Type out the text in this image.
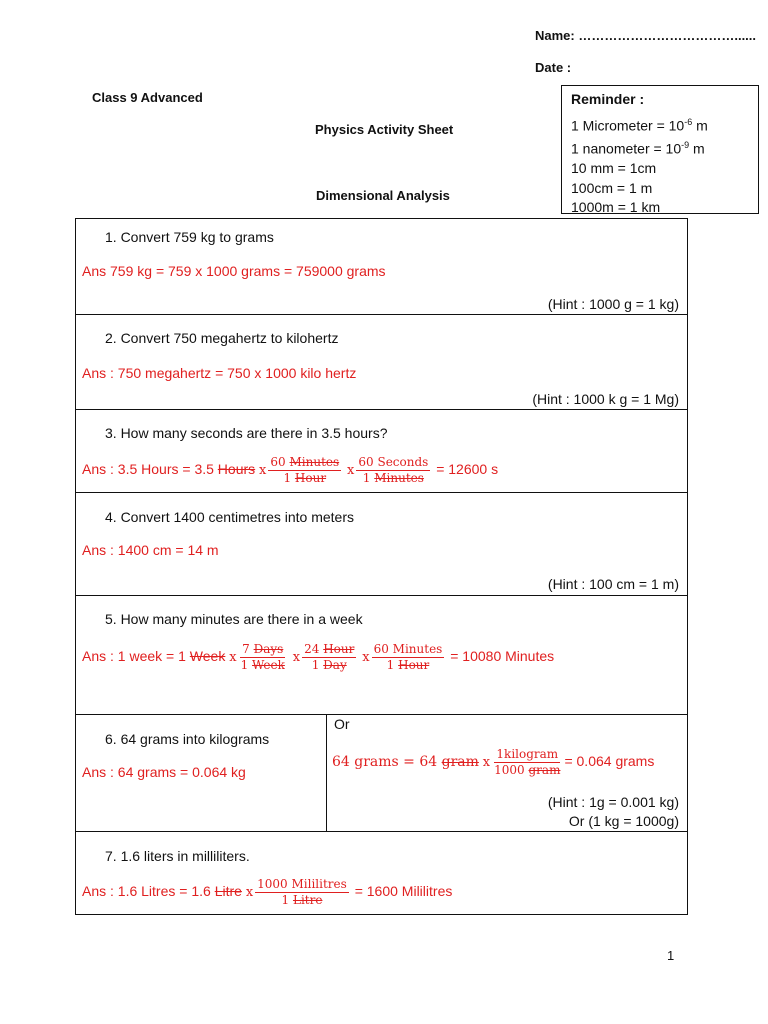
Name: ………………………………......
Date :
Class 9 Advanced
Physics Activity Sheet
Dimensional Analysis
Reminder :
1 Micrometer = $10^{-6}$ m
1 nanometer = $10^{-9}$ m
10 mm = 1cm
100cm = 1 m
1000m = 1 km
1. Convert 759 kg to grams
Ans 759 kg = 759 x 1000 grams = 759000 grams
(Hint : 1000 g = 1 kg)
2. Convert 750 megahertz to kilohertz
Ans : 750 megahertz = 750 x 1000 kilo hertz
(Hint : 1000 k g = 1 Mg)
3. How many seconds are there in 3.5 hours?
Ans : 3.5 Hours = 3.5 Hours x $\frac{\text{60 Minutes}}{\text{1 Hour}}$ x $\frac{\text{60 Seconds}}{\text{1 Minutes}} = 12600$ s
4. Convert 1400 centimetres into meters
Ans : 1400 cm = 14 m
(Hint : 100 cm = 1 m)
5. How many minutes are there in a week
Ans : 1 week = 1 Week x $\frac{\text{7 Days}}{\text{1 Week}}$ x $\frac{\text{24 Hour}}{\text{1 Day}}$ x $\frac{\text{60 Minutes}}{\text{1 Hour}} = 10080$ Minutes
6. 64 grams into kilograms
Ans : 64 grams = 0.064 kg
Or
64 grams = 64 gram x $\frac{\text{1kilogram}}{\text{1000 gram}} = 0.064$ grams
(Hint : 1g = 0.001 kg)
Or (1 kg = 1000g)
7. 1.6 liters in milliliters.
Ans : 1.6 Litres = 1.6 Litre x $\frac{\text{1000 Mililitres}}{\text{1 Litre}} = 1600$ Mililitres
1
